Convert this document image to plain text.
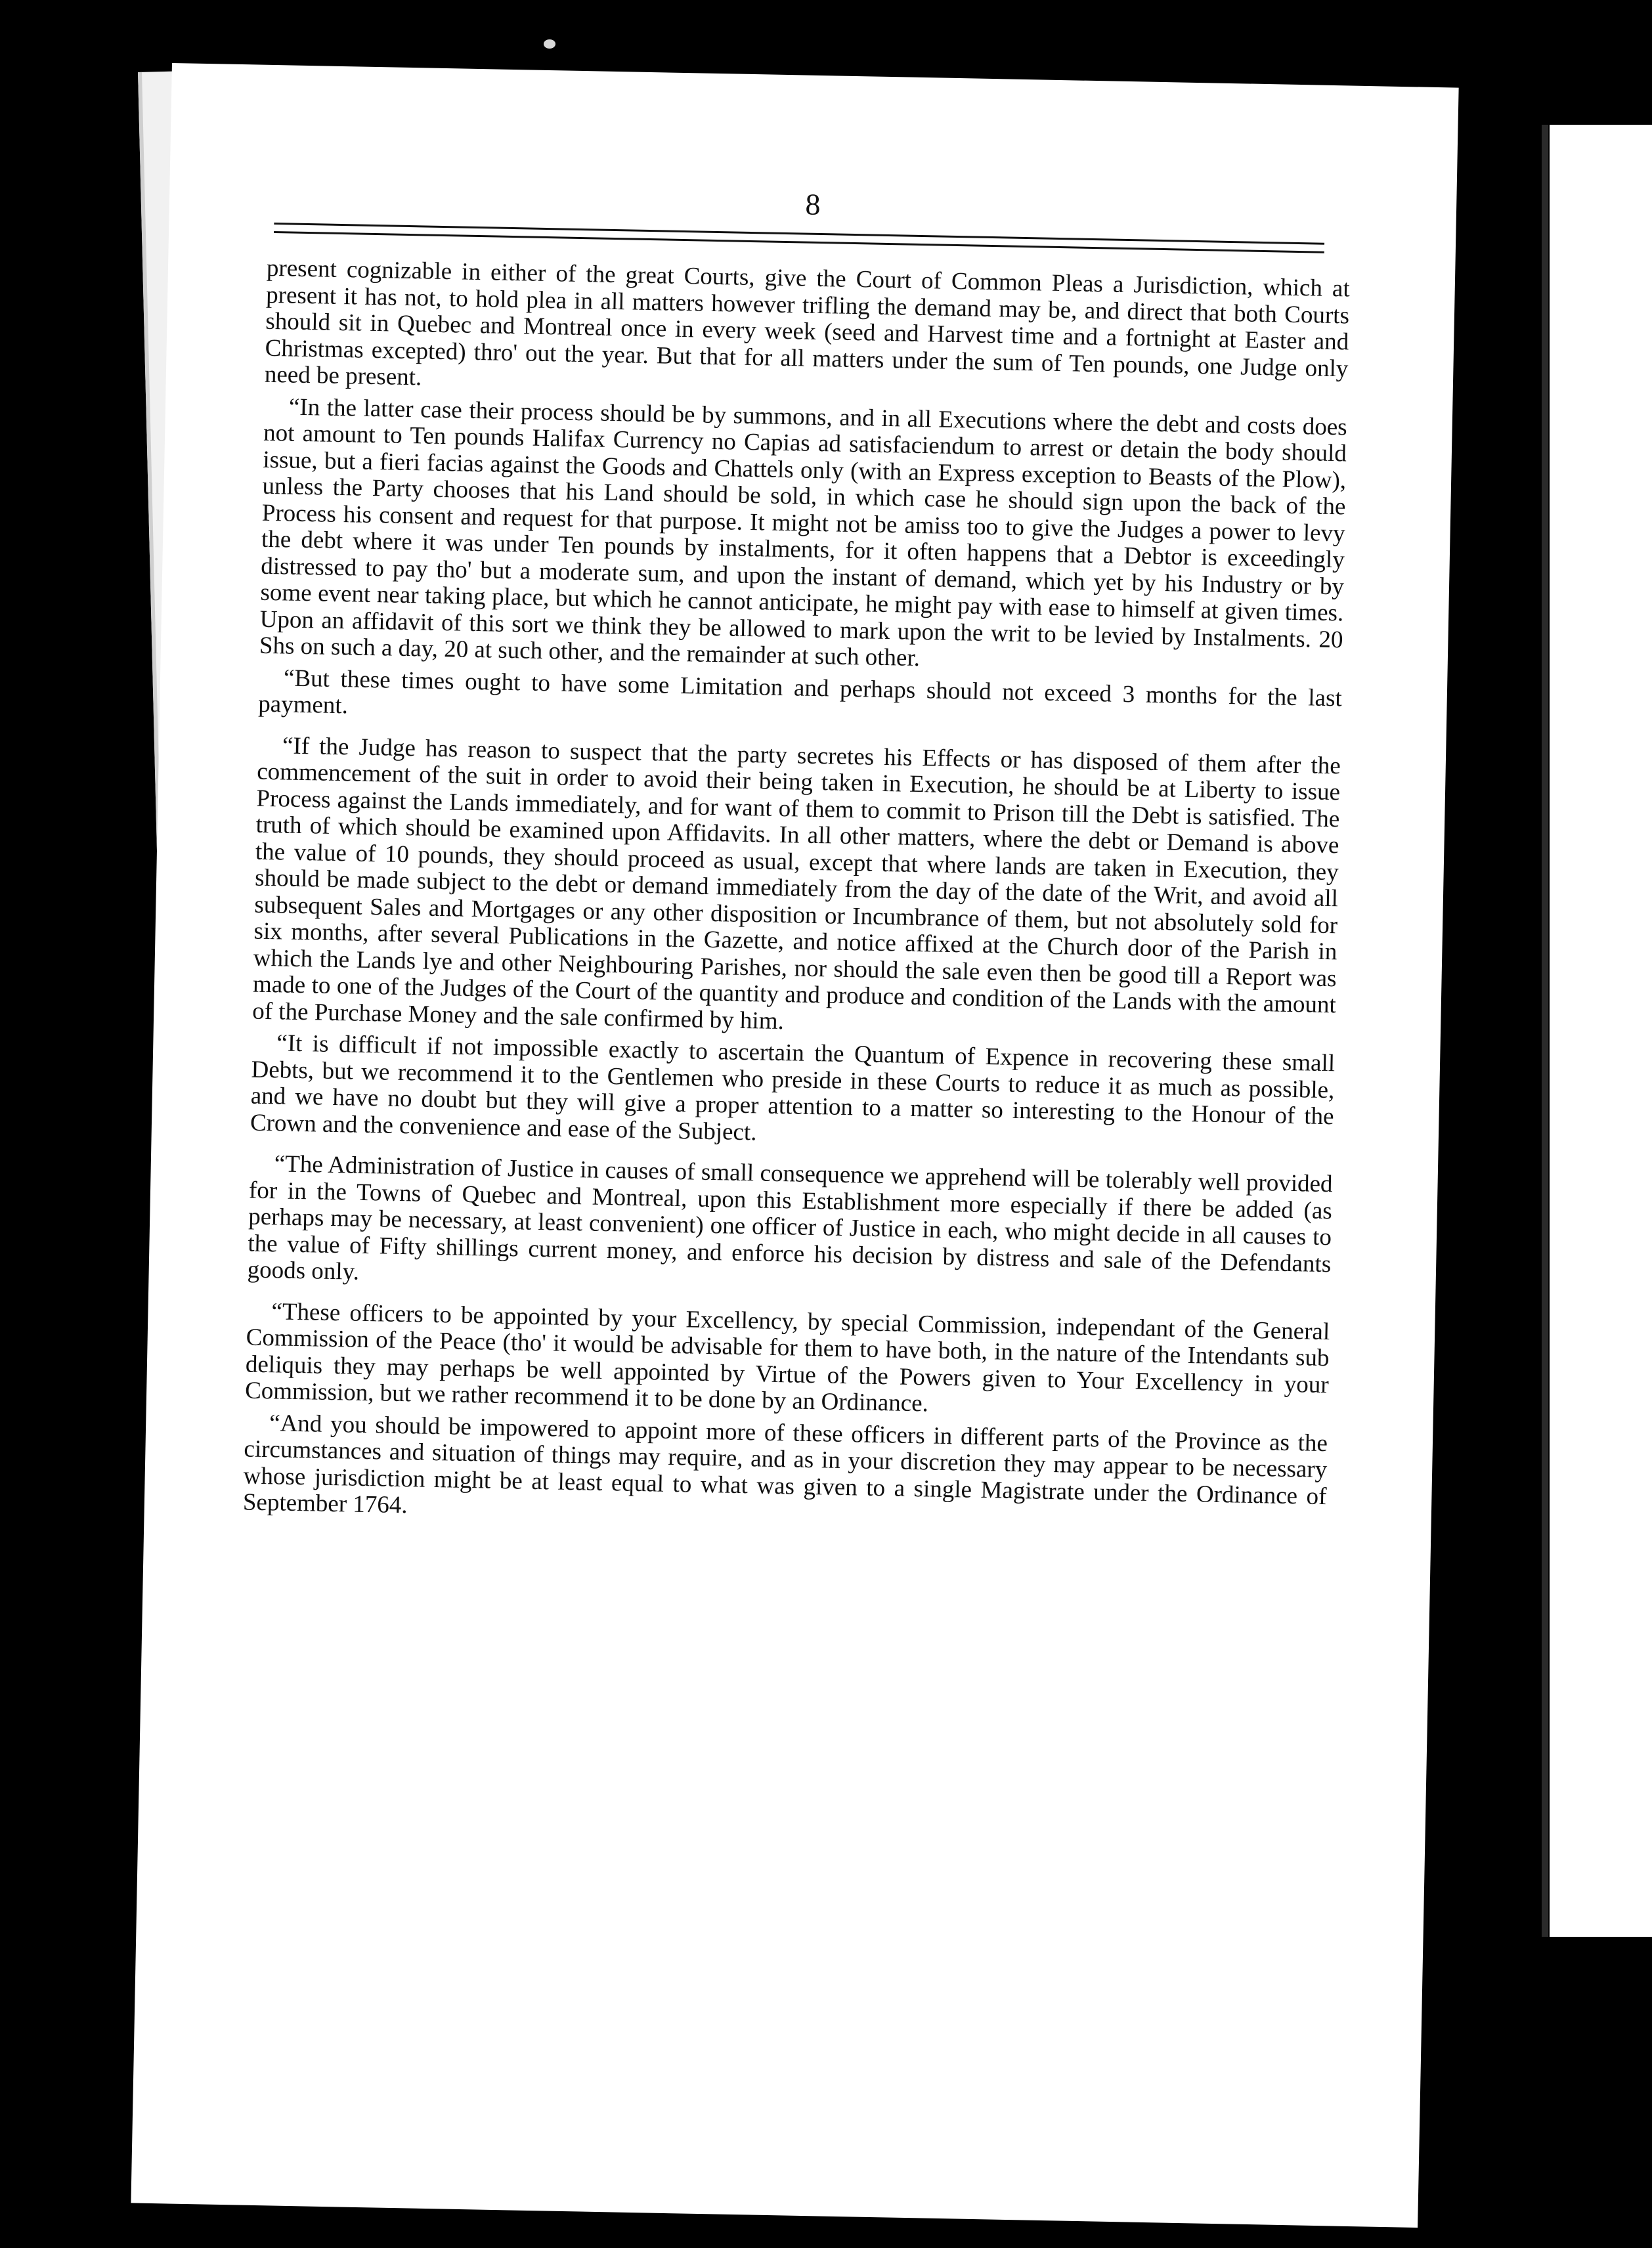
8

present cognizable in either of the great Courts, give the Court of Common Pleas a Jurisdiction, which at present it has not, to hold plea in all matters however trifling the demand may be, and direct that both Courts should sit in Quebec and Montreal once in every week (seed and Harvest time and a fortnight at Easter and Christmas excepted) thro' out the year. But that for all matters under the sum of Ten pounds, one Judge only need be present.

“In the latter case their process should be by summons, and in all Executions where the debt and costs does not amount to Ten pounds Halifax Currency no Capias ad satisfaciendum to arrest or detain the body should issue, but a fieri facias against the Goods and Chattels only (with an Express exception to Beasts of the Plow), unless the Party chooses that his Land should be sold, in which case he should sign upon the back of the Process his consent and request for that purpose. It might not be amiss too to give the Judges a power to levy the debt where it was under Ten pounds by instalments, for it often happens that a Debtor is exceedingly distressed to pay tho' but a moderate sum, and upon the instant of demand, which yet by his Industry or by some event near taking place, but which he cannot anticipate, he might pay with ease to himself at given times. Upon an affidavit of this sort we think they be allowed to mark upon the writ to be levied by Instalments. 20 Shs on such a day, 20 at such other, and the remainder at such other.

“But these times ought to have some Limitation and perhaps should not exceed 3 months for the last payment.

“If the Judge has reason to suspect that the party secretes his Effects or has disposed of them after the commencement of the suit in order to avoid their being taken in Execution, he should be at Liberty to issue Process against the Lands immediately, and for want of them to commit to Prison till the Debt is satisfied. The truth of which should be examined upon Affidavits. In all other matters, where the debt or Demand is above the value of 10 pounds, they should proceed as usual, except that where lands are taken in Execution, they should be made subject to the debt or demand immediately from the day of the date of the Writ, and avoid all subsequent Sales and Mortgages or any other disposition or Incumbrance of them, but not absolutely sold for six months, after several Publications in the Gazette, and notice affixed at the Church door of the Parish in which the Lands lye and other Neighbouring Parishes, nor should the sale even then be good till a Report was made to one of the Judges of the Court of the quantity and produce and condition of the Lands with the amount of the Purchase Money and the sale confirmed by him.

“It is difficult if not impossible exactly to ascertain the Quantum of Expence in recovering these small Debts, but we recommend it to the Gentlemen who preside in these Courts to reduce it as much as possible, and we have no doubt but they will give a proper attention to a matter so interesting to the Honour of the Crown and the convenience and ease of the Subject.

“The Administration of Justice in causes of small consequence we apprehend will be tolerably well provided for in the Towns of Quebec and Montreal, upon this Establishment more especially if there be added (as perhaps may be necessary, at least convenient) one officer of Justice in each, who might decide in all causes to the value of Fifty shillings current money, and enforce his decision by distress and sale of the Defendants goods only.

“These officers to be appointed by your Excellency, by special Commission, independant of the General Commission of the Peace (tho' it would be advisable for them to have both, in the nature of the Intendants sub deliquis they may perhaps be well appointed by Virtue of the Powers given to Your Excellency in your Commission, but we rather recommend it to be done by an Ordinance.

“And you should be impowered to appoint more of these officers in different parts of the Province as the circumstances and situation of things may require, and as in your discretion they may appear to be necessary whose jurisdiction might be at least equal to what was given to a single Magistrate under the Ordinance of September 1764.
